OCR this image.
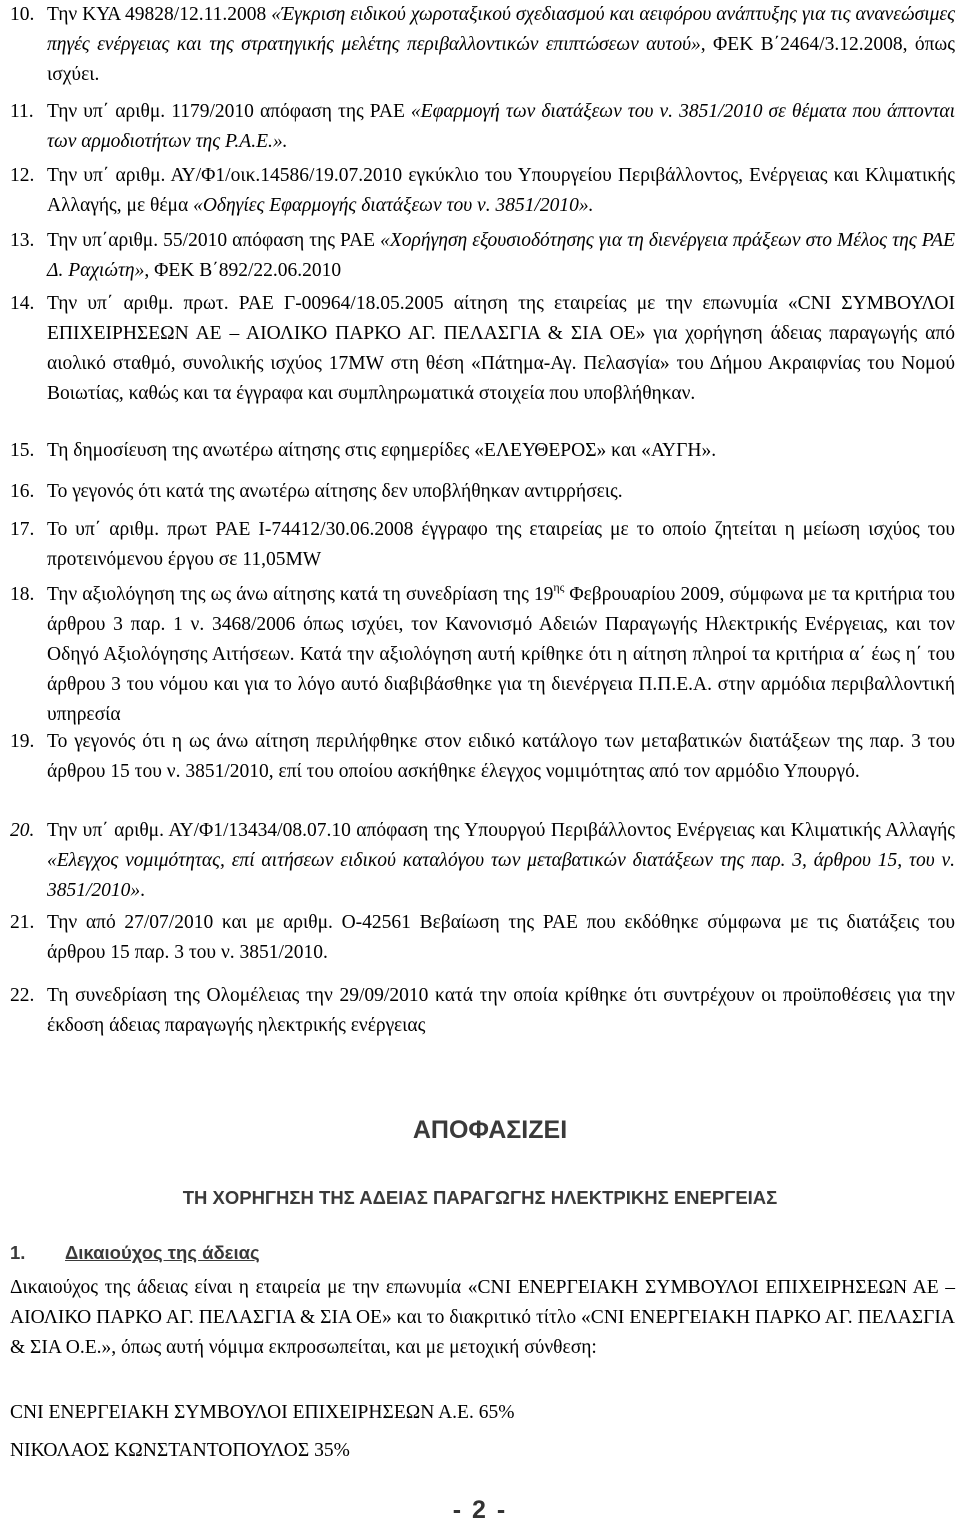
10. Την ΚΥΑ 49828/12.11.2008 «Έγκριση ειδικού χωροταξικού σχεδιασμού και αειφόρου ανάπτυξης για τις ανανεώσιμες πηγές ενέργειας και της στρατηγικής μελέτης περιβαλλοντικών επιπτώσεων αυτού», ΦΕΚ Β΄2464/3.12.2008, όπως ισχύει.
11. Την υπ΄ αριθμ. 1179/2010 απόφαση της ΡΑΕ «Εφαρμογή των διατάξεων του ν. 3851/2010 σε θέματα που άπτονται των αρμοδιοτήτων της Ρ.Α.Ε.».
12. Την υπ΄ αριθμ. ΑΥ/Φ1/οικ.14586/19.07.2010 εγκύκλιο του Υπουργείου Περιβάλλοντος, Ενέργειας και Κλιματικής Αλλαγής, με θέμα «Οδηγίες Εφαρμογής διατάξεων του ν. 3851/2010».
13. Την υπ΄αριθμ. 55/2010 απόφαση της ΡΑΕ «Χορήγηση εξουσιοδότησης για τη διενέργεια πράξεων στο Μέλος της ΡΑΕ Δ. Ραχιώτη», ΦΕΚ Β΄892/22.06.2010
14. Την υπ΄ αριθμ. πρωτ. ΡΑΕ Γ-00964/18.05.2005 αίτηση της εταιρείας με την επωνυμία «CNI ΣΥΜΒΟΥΛΟΙ ΕΠΙΧΕΙΡΗΣΕΩΝ ΑΕ – ΑΙΟΛΙΚΟ ΠΑΡΚΟ ΑΓ. ΠΕΛΑΣΓΙΑ & ΣΙΑ ΟΕ» για χορήγηση άδειας παραγωγής από αιολικό σταθμό, συνολικής ισχύος 17MW στη θέση «Πάτημα-Αγ. Πελασγία» του Δήμου Ακραιφνίας του Νομού Βοιωτίας, καθώς και τα έγγραφα και συμπληρωματικά στοιχεία που υποβλήθηκαν.
15. Τη δημοσίευση της ανωτέρω αίτησης στις εφημερίδες «ΕΛΕΥΘΕΡΟΣ» και «ΑΥΓΗ».
16. Το γεγονός ότι κατά της ανωτέρω αίτησης δεν υποβλήθηκαν αντιρρήσεις.
17. Το υπ΄ αριθμ. πρωτ ΡΑΕ Ι-74412/30.06.2008 έγγραφο της εταιρείας με το οποίο ζητείται η μείωση ισχύος του προτεινόμενου έργου σε 11,05MW
18. Την αξιολόγηση της ως άνω αίτησης κατά τη συνεδρίαση της $19^{\eta\varsigma}$ Φεβρουαρίου 2009, σύμφωνα με τα κριτήρια του άρθρου 3 παρ. 1 ν. 3468/2006 όπως ισχύει, τον Κανονισμό Αδειών Παραγωγής Ηλεκτρικής Ενέργειας, και τον Οδηγό Αξιολόγησης Αιτήσεων. Κατά την αξιολόγηση αυτή κρίθηκε ότι η αίτηση πληροί τα κριτήρια α΄ έως η΄ του άρθρου 3 του νόμου και για το λόγο αυτό διαβιβάσθηκε για τη διενέργεια Π.Π.Ε.Α. στην αρμόδια περιβαλλοντική υπηρεσία
19. Το γεγονός ότι η ως άνω αίτηση περιλήφθηκε στον ειδικό κατάλογο των μεταβατικών διατάξεων της παρ. 3 του άρθρου 15 του ν. 3851/2010, επί του οποίου ασκήθηκε έλεγχος νομιμότητας από τον αρμόδιο Υπουργό.
20. Την υπ΄ αριθμ. ΑΥ/Φ1/13434/08.07.10 απόφαση της Υπουργού Περιβάλλοντος Ενέργειας και Κλιματικής Αλλαγής «Ελεγχος νομιμότητας, επί αιτήσεων ειδικού καταλόγου των μεταβατικών διατάξεων της παρ. 3, άρθρου 15, του ν. 3851/2010».
21. Την από 27/07/2010 και με αριθμ. Ο-42561 Βεβαίωση της ΡΑΕ που εκδόθηκε σύμφωνα με τις διατάξεις του άρθρου 15 παρ. 3 του ν. 3851/2010.
22. Τη συνεδρίαση της Ολομέλειας την 29/09/2010 κατά την οποία κρίθηκε ότι συντρέχουν οι προϋποθέσεις για την έκδοση άδειας παραγωγής ηλεκτρικής ενέργειας
ΑΠΟΦΑΣΙΖΕΙ
ΤΗ ΧΟΡΗΓΗΣΗ ΤΗΣ ΑΔΕΙΑΣ ΠΑΡΑΓΩΓΗΣ ΗΛΕΚΤΡΙΚΗΣ ΕΝΕΡΓΕΙΑΣ
1.	Δικαιούχος της άδειας
Δικαιούχος της άδειας είναι η εταιρεία με την επωνυμία «CNI ΕΝΕΡΓΕΙΑΚΗ ΣΥΜΒΟΥΛΟΙ ΕΠΙΧΕΙΡΗΣΕΩΝ ΑΕ – ΑΙΟΛΙΚΟ ΠΑΡΚΟ ΑΓ. ΠΕΛΑΣΓΙΑ & ΣΙΑ ΟΕ» και το διακριτικό τίτλο «CNI ΕΝΕΡΓΕΙΑΚΗ ΠΑΡΚΟ ΑΓ. ΠΕΛΑΣΓΙΑ & ΣΙΑ Ο.Ε.», όπως αυτή νόμιμα εκπροσωπείται, και με μετοχική σύνθεση:
CNI ΕΝΕΡΓΕΙΑΚΗ ΣΥΜΒΟΥΛΟΙ ΕΠΙΧΕΙΡΗΣΕΩΝ Α.Ε. 65%
ΝΙΚΟΛΑΟΣ ΚΩΝΣΤΑΝΤΟΠΟΥΛΟΣ 35%
- 2 -
